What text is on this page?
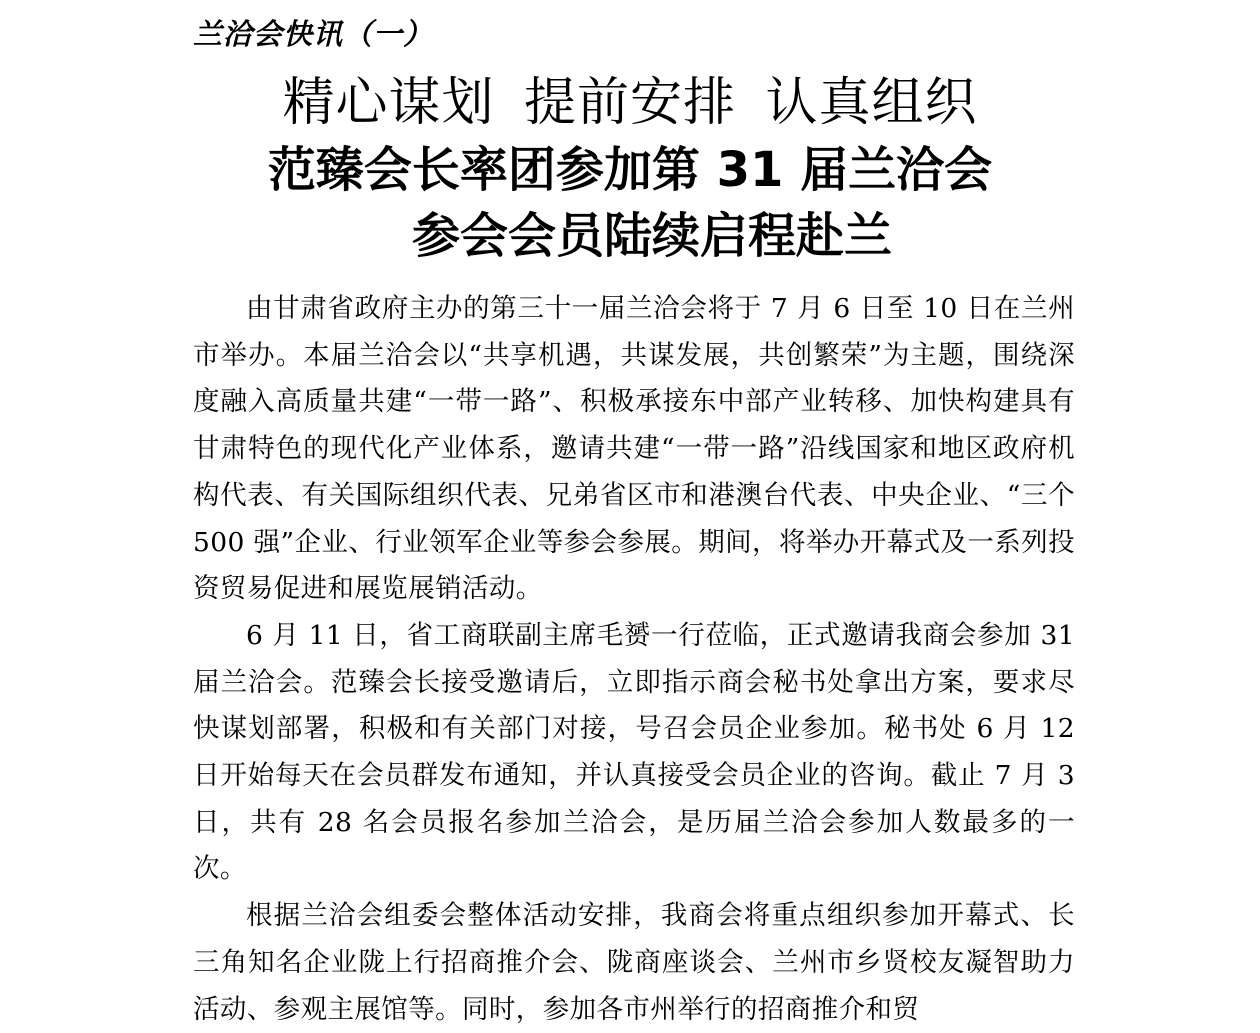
兰洽会快讯（一）
精心谋划 提前安排 认真组织
范臻会长率团参加第 31 届兰洽会
参会会员陆续启程赴兰

由甘肃省政府主办的第三十一届兰洽会将于 7 月 6 日至 10 日在兰州市举办。本届兰洽会以“共享机遇，共谋发展，共创繁荣”为主题，围绕深度融入高质量共建“一带一路”、积极承接东中部产业转移、加快构建具有甘肃特色的现代化产业体系，邀请共建“一带一路”沿线国家和地区政府机构代表、有关国际组织代表、兄弟省区市和港澳台代表、中央企业、“三个 500 强”企业、行业领军企业等参会参展。期间，将举办开幕式及一系列投资贸易促进和展览展销活动。

6 月 11 日，省工商联副主席毛赟一行莅临，正式邀请我商会参加 31 届兰洽会。范臻会长接受邀请后，立即指示商会秘书处拿出方案，要求尽快谋划部署，积极和有关部门对接，号召会员企业参加。秘书处 6 月 12 日开始每天在会员群发布通知，并认真接受会员企业的咨询。截止 7 月 3 日，共有 28 名会员报名参加兰洽会，是历届兰洽会参加人数最多的一次。

根据兰洽会组委会整体活动安排，我商会将重点组织参加开幕式、长三角知名企业陇上行招商推介会、陇商座谈会、兰州市乡贤校友凝智助力活动、参观主展馆等。同时，参加各市州举行的招商推介和贸
